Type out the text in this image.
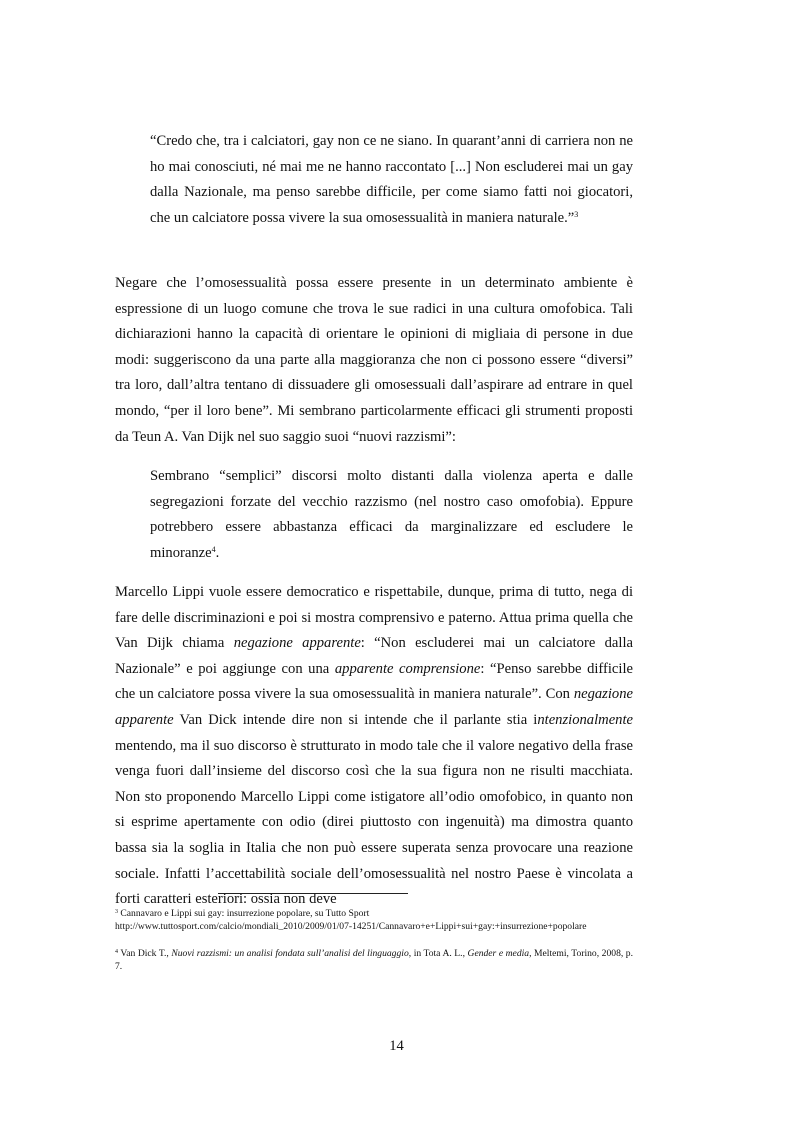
“Credo che, tra i calciatori, gay non ce ne siano. In quarant’anni di carriera non ne ho mai conosciuti, né mai me ne hanno raccontato [...] Non escluderei mai un gay dalla Nazionale, ma penso sarebbe difficile, per come siamo fatti noi giocatori, che un calciatore possa vivere la sua omosessualità in maniera naturale.”$^3$
Negare che l’omosessualità possa essere presente in un determinato ambiente è espressione di un luogo comune che trova le sue radici in una cultura omofobica. Tali dichiarazioni hanno la capacità di orientare le opinioni di migliaia di persone in due modi: suggeriscono da una parte alla maggioranza che non ci possono essere “diversi” tra loro, dall’altra tentano di dissuadere gli omosessuali dall’aspirare ad entrare in quel mondo, “per il loro bene”. Mi sembrano particolarmente efficaci gli strumenti proposti da Teun A. Van Dijk nel suo saggio suoi “nuovi razzismi”:
Sembrano “semplici” discorsi molto distanti dalla violenza aperta e dalle segregazioni forzate del vecchio razzismo (nel nostro caso omofobia). Eppure potrebbero essere abbastanza efficaci da marginalizzare ed escludere le minoranze$^4$.
Marcello Lippi vuole essere democratico e rispettabile, dunque, prima di tutto, nega di fare delle discriminazioni e poi si mostra comprensivo e paterno. Attua prima quella che Van Dijk chiama negazione apparente: “Non escluderei mai un calciatore dalla Nazionale” e poi aggiunge con una apparente comprensione: “Penso sarebbe difficile che un calciatore possa vivere la sua omosessualità in maniera naturale”. Con negazione apparente Van Dick intende dire non si intende che il parlante stia intenzionalmente mentendo, ma il suo discorso è strutturato in modo tale che il valore negativo della frase venga fuori dall’insieme del discorso così che la sua figura non ne risulti macchiata. Non sto proponendo Marcello Lippi come istigatore all’odio omofobico, in quanto non si esprime apertamente con odio (direi piuttosto con ingenuità) ma dimostra quanto bassa sia la soglia in Italia che non può essere superata senza provocare una reazione sociale. Infatti l’accettabilità sociale dell’omosessualità nel nostro Paese è vincolata a forti caratteri esteriori: ossia non deve
$^3$ Cannavaro e Lippi sui gay: insurrezione popolare, su Tutto Sport
http://www.tuttosport.com/calcio/mondiali_2010/2009/01/07-14251/Cannavaro+e+Lippi+sui+gay:+insurrezione+popolare
$^4$ Van Dick T., Nuovi razzismi: un analisi fondata sull’analisi del linguaggio, in Tota A. L., Gender e media, Meltemi, Torino, 2008, p. 7.
14
